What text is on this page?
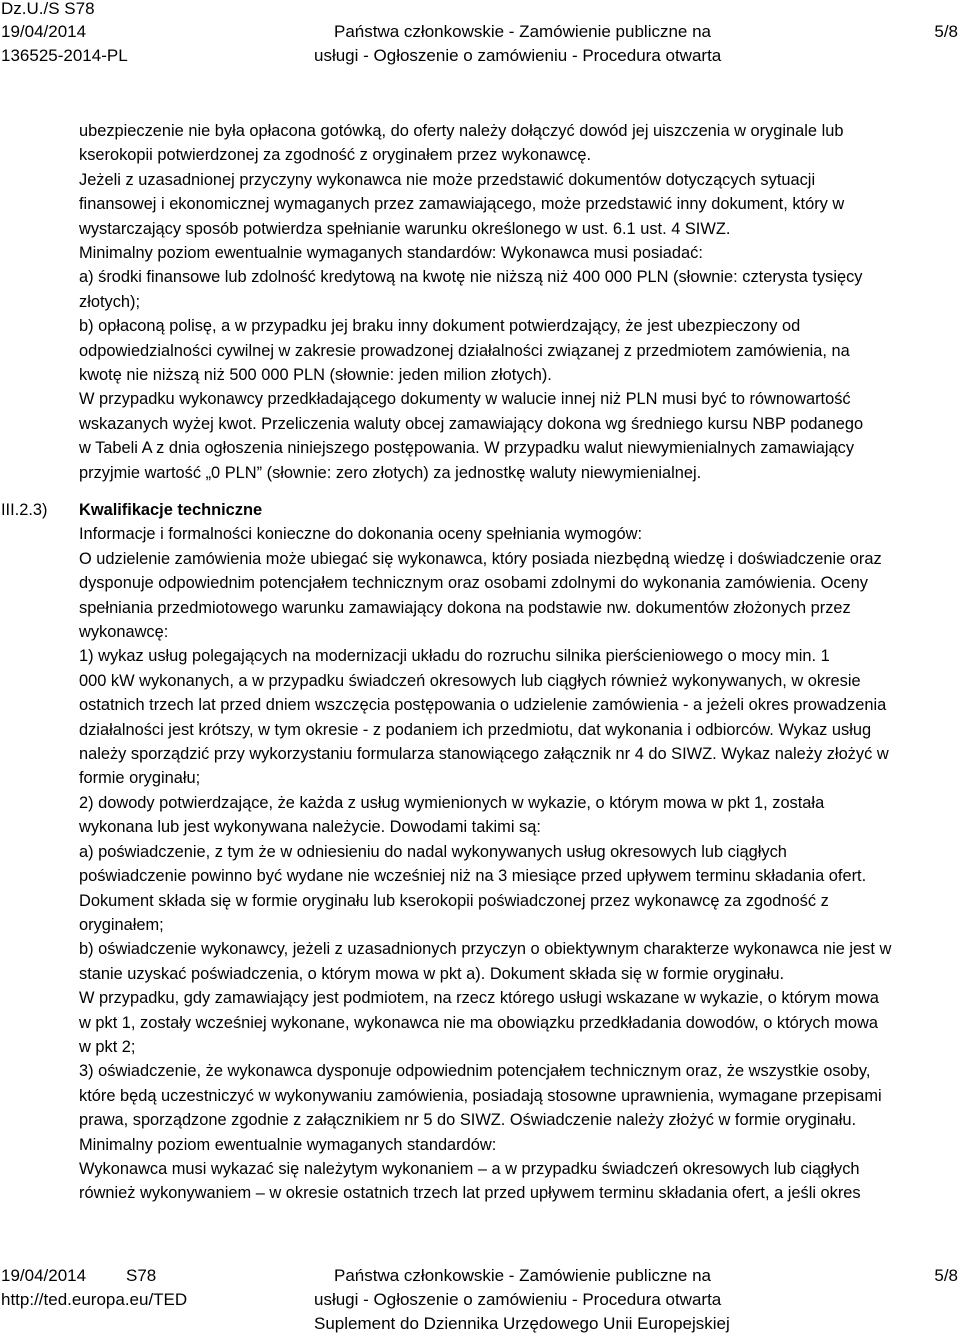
Dz.U./S S78
19/04/2014
136525-2014-PL
Państwa członkowskie - Zamówienie publiczne na
usługi - Ogłoszenie o zamówieniu - Procedura otwarta
5/8

ubezpieczenie nie była opłacona gotówką, do oferty należy dołączyć dowód jej uiszczenia w oryginale lub

kserokopii potwierdzonej za zgodność z oryginałem przez wykonawcę.

Jeżeli z uzasadnionej przyczyny wykonawca nie może przedstawić dokumentów dotyczących sytuacji

finansowej i ekonomicznej wymaganych przez zamawiającego, może przedstawić inny dokument, który w

wystarczający sposób potwierdza spełnianie warunku określonego w ust. 6.1 ust. 4 SIWZ.

Minimalny poziom ewentualnie wymaganych standardów: Wykonawca musi posiadać:

a) środki finansowe lub zdolność kredytową na kwotę nie niższą niż 400 000 PLN (słownie: czterysta tysięcy

złotych);

b) opłaconą polisę, a w przypadku jej braku inny dokument potwierdzający, że jest ubezpieczony od

odpowiedzialności cywilnej w zakresie prowadzonej działalności związanej z przedmiotem zamówienia, na

kwotę nie niższą niż 500 000 PLN (słownie: jeden milion złotych).

W przypadku wykonawcy przedkładającego dokumenty w walucie innej niż PLN musi być to równowartość

wskazanych wyżej kwot. Przeliczenia waluty obcej zamawiający dokona wg średniego kursu NBP podanego

w Tabeli A z dnia ogłoszenia niniejszego postępowania. W przypadku walut niewymienialnych zamawiający

przyjmie wartość „0 PLN” (słownie: zero złotych) za jednostkę waluty niewymienialnej.

III.2.3) Kwalifikacje techniczne

Informacje i formalności konieczne do dokonania oceny spełniania wymogów:

O udzielenie zamówienia może ubiegać się wykonawca, który posiada niezbędną wiedzę i doświadczenie oraz

dysponuje odpowiednim potencjałem technicznym oraz osobami zdolnymi do wykonania zamówienia. Oceny

spełniania przedmiotowego warunku zamawiający dokona na podstawie nw. dokumentów złożonych przez

wykonawcę:

1) wykaz usług polegających na modernizacji układu do rozruchu silnika pierścieniowego o mocy min. 1

000 kW wykonanych, a w przypadku świadczeń okresowych lub ciągłych również wykonywanych, w okresie

ostatnich trzech lat przed dniem wszczęcia postępowania o udzielenie zamówienia - a jeżeli okres prowadzenia

działalności jest krótszy, w tym okresie - z podaniem ich przedmiotu, dat wykonania i odbiorców. Wykaz usług

należy sporządzić przy wykorzystaniu formularza stanowiącego załącznik nr 4 do SIWZ. Wykaz należy złożyć w

formie oryginału;

2) dowody potwierdzające, że każda z usług wymienionych w wykazie, o którym mowa w pkt 1, została

wykonana lub jest wykonywana należycie. Dowodami takimi są:

a) poświadczenie, z tym że w odniesieniu do nadal wykonywanych usług okresowych lub ciągłych

poświadczenie powinno być wydane nie wcześniej niż na 3 miesiące przed upływem terminu składania ofert.

Dokument składa się w formie oryginału lub kserokopii poświadczonej przez wykonawcę za zgodność z

oryginałem;

b) oświadczenie wykonawcy, jeżeli z uzasadnionych przyczyn o obiektywnym charakterze wykonawca nie jest w

stanie uzyskać poświadczenia, o którym mowa w pkt a). Dokument składa się w formie oryginału.

W przypadku, gdy zamawiający jest podmiotem, na rzecz którego usługi wskazane w wykazie, o którym mowa

w pkt 1, zostały wcześniej wykonane, wykonawca nie ma obowiązku przedkładania dowodów, o których mowa

w pkt 2;

3) oświadczenie, że wykonawca dysponuje odpowiednim potencjałem technicznym oraz, że wszystkie osoby,

które będą uczestniczyć w wykonywaniu zamówienia, posiadają stosowne uprawnienia, wymagane przepisami

prawa, sporządzone zgodnie z załącznikiem nr 5 do SIWZ. Oświadczenie należy złożyć w formie oryginału.

Minimalny poziom ewentualnie wymaganych standardów:

Wykonawca musi wykazać się należytym wykonaniem – a w przypadku świadczeń okresowych lub ciągłych

również wykonywaniem – w okresie ostatnich trzech lat przed upływem terminu składania ofert, a jeśli okres

19/04/2014 S78
http://ted.europa.eu/TED
Państwa członkowskie - Zamówienie publiczne na
usługi - Ogłoszenie o zamówieniu - Procedura otwarta
Suplement do Dziennika Urzędowego Unii Europejskiej
5/8
